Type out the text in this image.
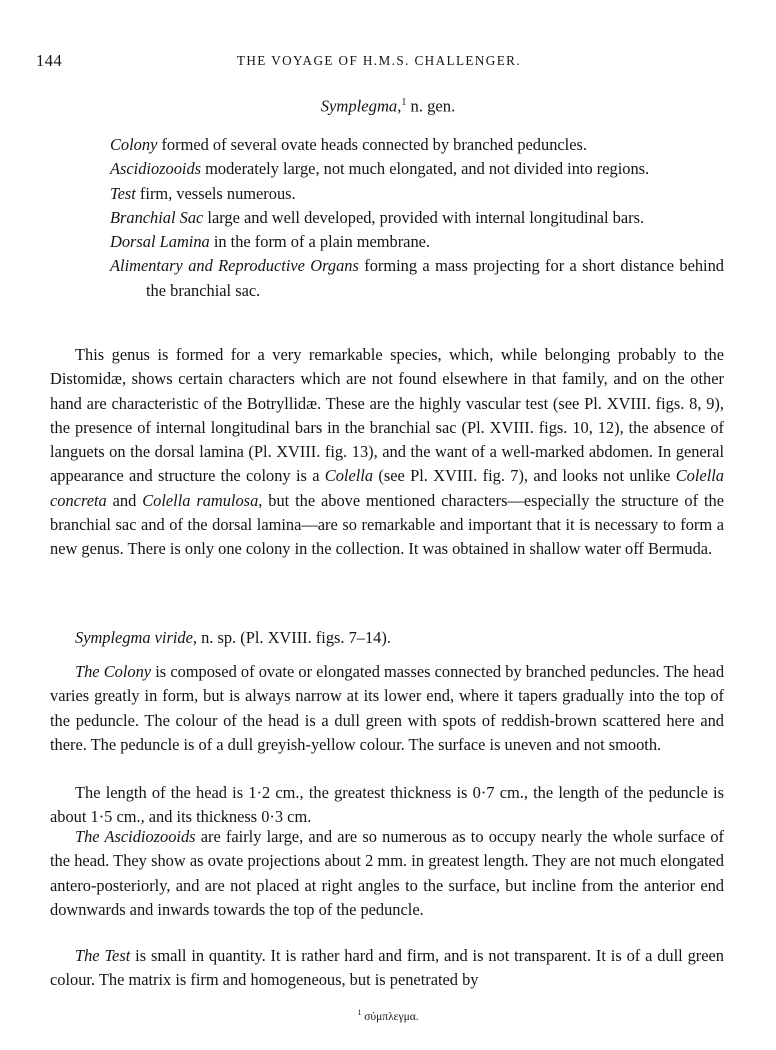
144	THE VOYAGE OF H.M.S. CHALLENGER.
Symplegma,$^1$ n. gen.

Colony formed of several ovate heads connected by branched peduncles.

Ascidiozooids moderately large, not much elongated, and not divided into regions.

Test firm, vessels numerous.

Branchial Sac large and well developed, provided with internal longitudinal bars.

Dorsal Lamina in the form of a plain membrane.

Alimentary and Reproductive Organs forming a mass projecting for a short distance behind the branchial sac.

This genus is formed for a very remarkable species, which, while belonging probably to the Distomidæ, shows certain characters which are not found elsewhere in that family, and on the other hand are characteristic of the Botryllidæ. These are the highly vascular test (see Pl. XVIII. figs. 8, 9), the presence of internal longitudinal bars in the branchial sac (Pl. XVIII. figs. 10, 12), the absence of languets on the dorsal lamina (Pl. XVIII. fig. 13), and the want of a well-marked abdomen. In general appearance and structure the colony is a Colella (see Pl. XVIII. fig. 7), and looks not unlike Colella concreta and Colella ramulosa, but the above mentioned characters—especially the structure of the branchial sac and of the dorsal lamina—are so remarkable and important that it is necessary to form a new genus. There is only one colony in the collection. It was obtained in shallow water off Bermuda.

Symplegma viride, n. sp. (Pl. XVIII. figs. 7–14).

The Colony is composed of ovate or elongated masses connected by branched peduncles. The head varies greatly in form, but is always narrow at its lower end, where it tapers gradually into the top of the peduncle. The colour of the head is a dull green with spots of reddish-brown scattered here and there. The peduncle is of a dull greyish-yellow colour. The surface is uneven and not smooth.

The length of the head is 1·2 cm., the greatest thickness is 0·7 cm., the length of the peduncle is about 1·5 cm., and its thickness 0·3 cm.

The Ascidiozooids are fairly large, and are so numerous as to occupy nearly the whole surface of the head. They show as ovate projections about 2 mm. in greatest length. They are not much elongated antero-posteriorly, and are not placed at right angles to the surface, but incline from the anterior end downwards and inwards towards the top of the peduncle.

The Test is small in quantity. It is rather hard and firm, and is not transparent. It is of a dull green colour. The matrix is firm and homogeneous, but is penetrated by

$^1$ σύμπλεγμα.
